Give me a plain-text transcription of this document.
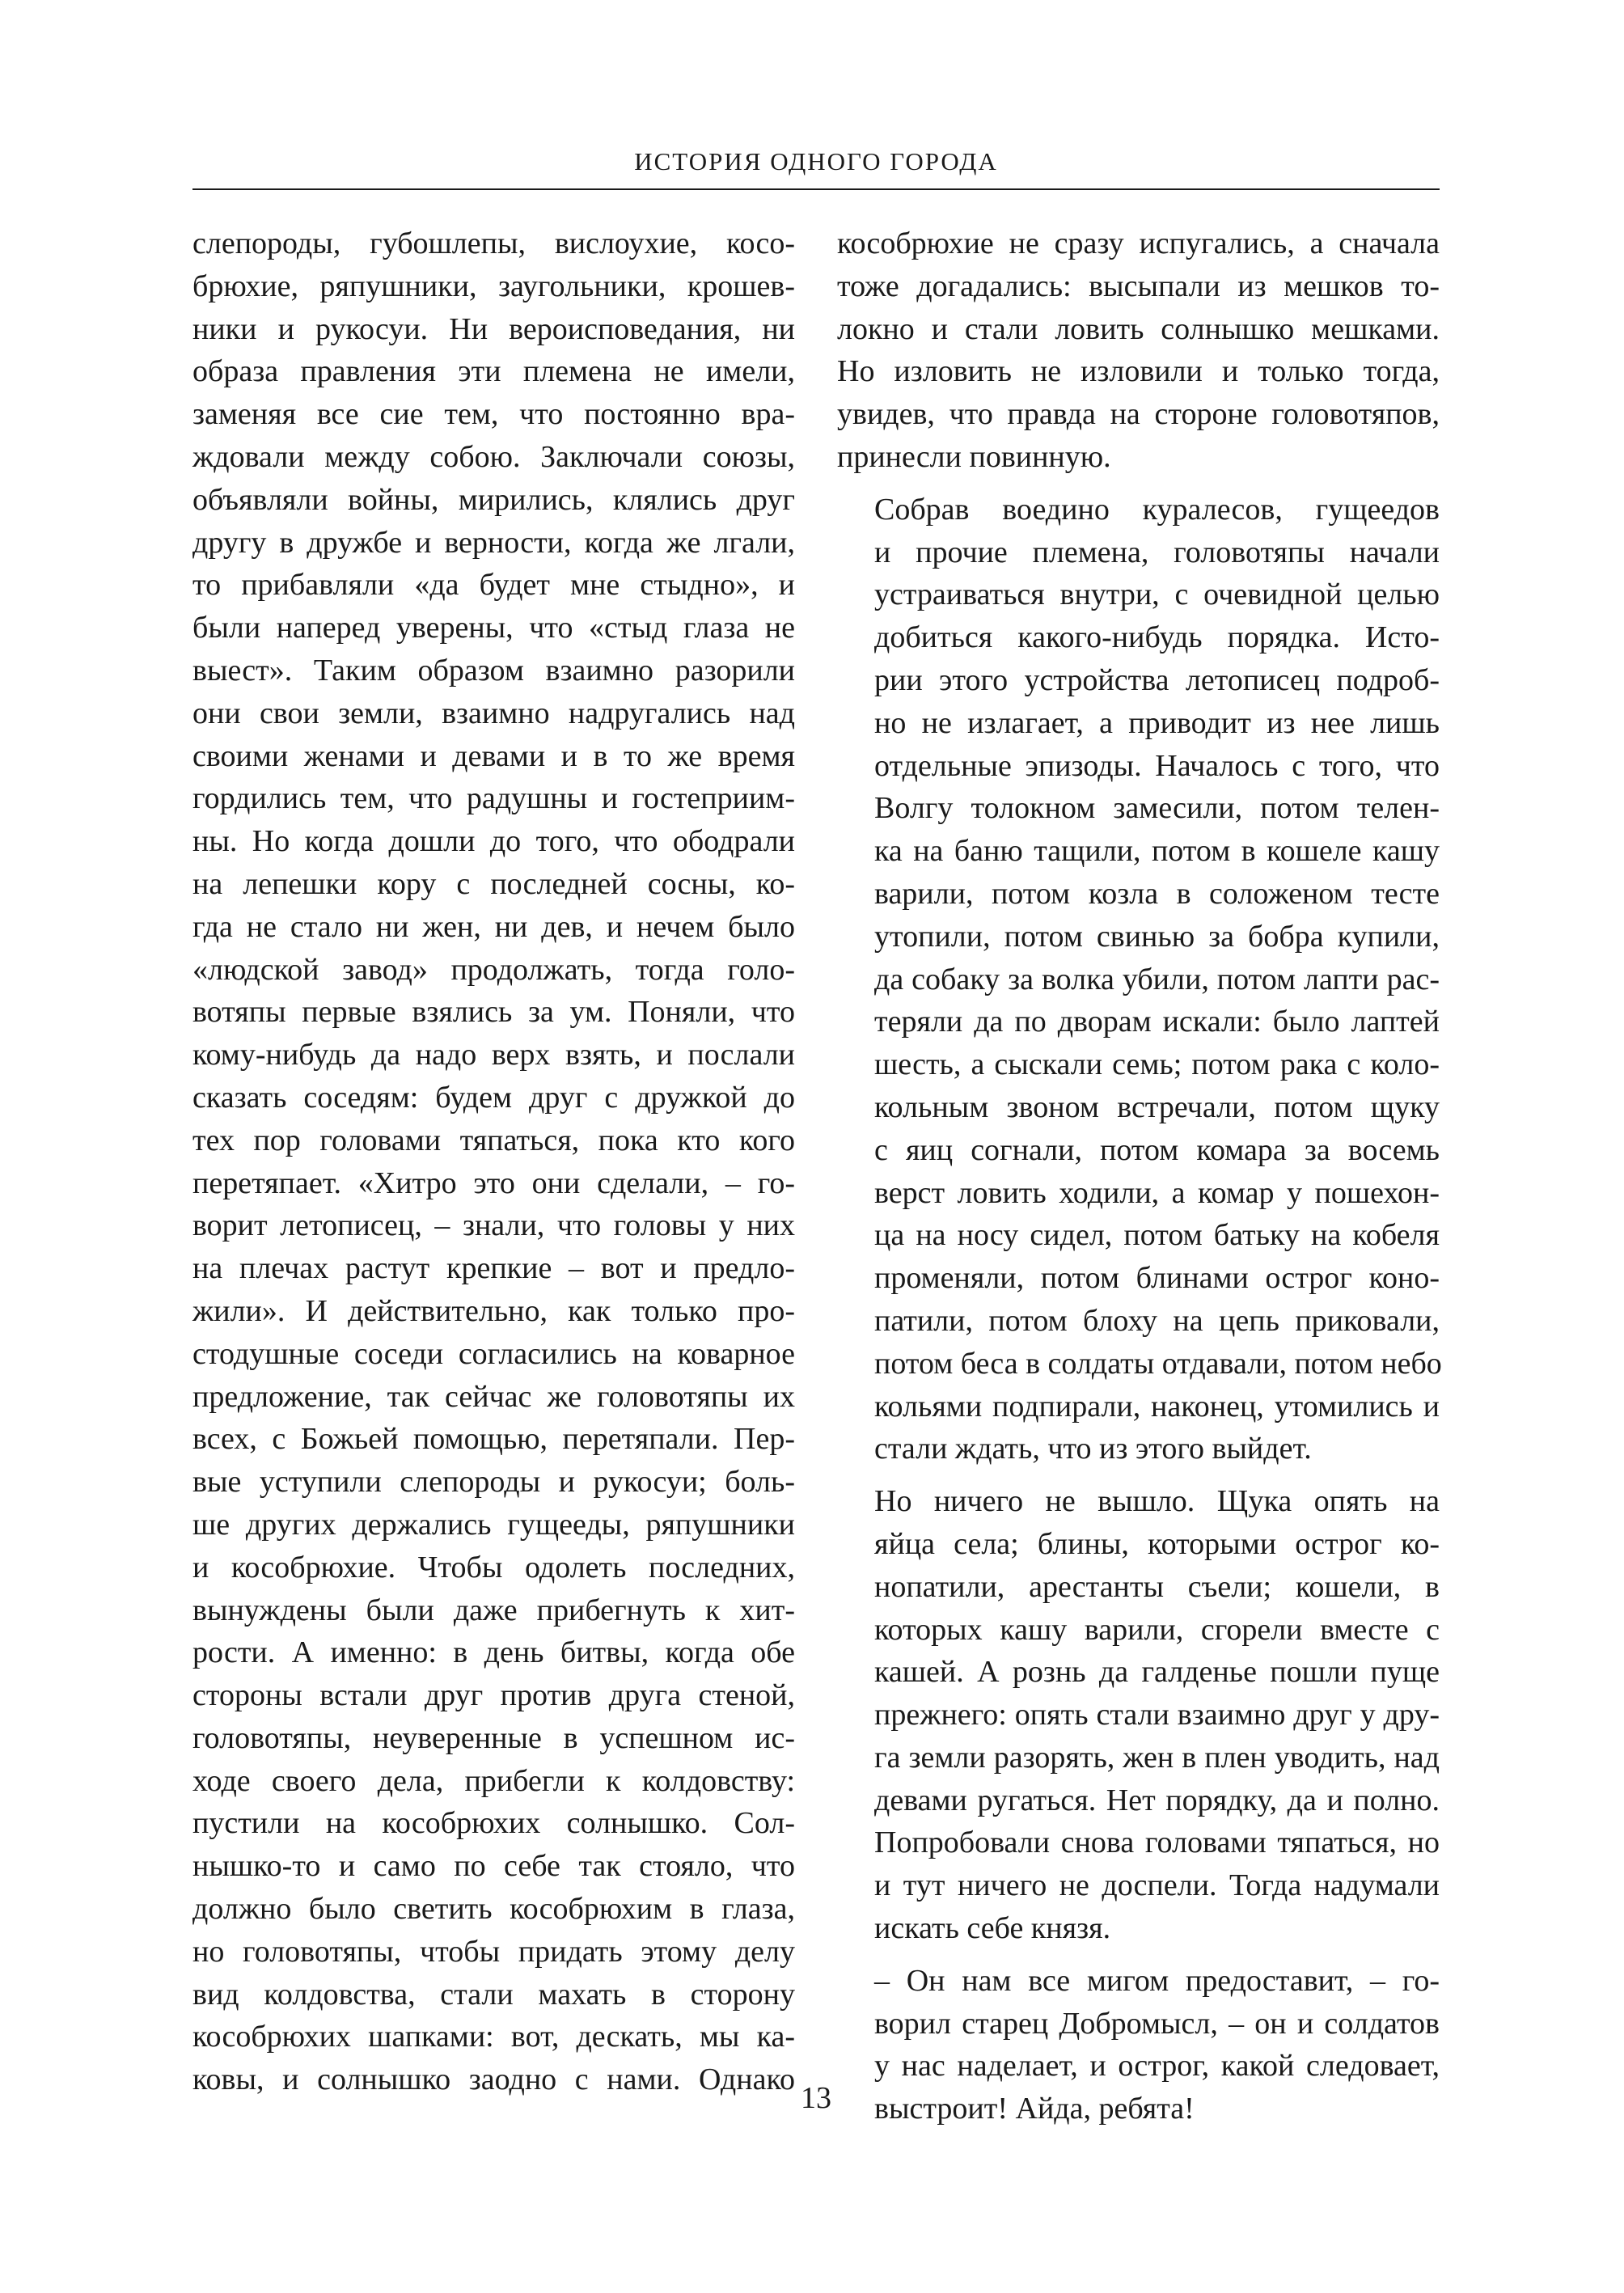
ИСТОРИЯ ОДНОГО ГОРОДА

слепороды, губошлепы, вислоухие, косо-
брюхие, ряпушники, заугольники, крошев-
ники и рукосуи. Ни вероисповедания, ни
образа правления эти племена не имели,
заменяя все сие тем, что постоянно вра-
ждовали между собою. Заключали союзы,
объявляли войны, мирились, клялись друг
другу в дружбе и верности, когда же лгали,
то прибавляли «да будет мне стыдно», и
были наперед уверены, что «стыд глаза не
выест». Таким образом взаимно разорили
они свои земли, взаимно надругались над
своими женами и девами и в то же время
гордились тем, что радушны и гостеприим-
ны. Но когда дошли до того, что ободрали
на лепешки кору с последней сосны, ко-
гда не стало ни жен, ни дев, и нечем было
«людской завод» продолжать, тогда голо-
вотяпы первые взялись за ум. Поняли, что
кому-нибудь да надо верх взять, и послали
сказать соседям: будем друг с дружкой до
тех пор головами тяпаться, пока кто кого
перетяпает. «Хитро это они сделали, – го-
ворит летописец, – знали, что головы у них
на плечах растут крепкие – вот и предло-
жили». И действительно, как только про-
стодушные соседи согласились на коварное
предложение, так сейчас же головотяпы их
всех, с Божьей помощью, перетяпали. Пер-
вые уступили слепороды и рукосуи; боль-
ше других держались гущееды, ряпушники
и кособрюхие. Чтобы одолеть последних,
вынуждены были даже прибегнуть к хит-
рости. А именно: в день битвы, когда обе
стороны встали друг против друга стеной,
головотяпы, неуверенные в успешном ис-
ходе своего дела, прибегли к колдовству:
пустили на кособрюхих солнышко. Сол-
нышко-то и само по себе так стояло, что
должно было светить кособрюхим в глаза,
но головотяпы, чтобы придать этому делу
вид колдовства, стали махать в сторону
кособрюхих шапками: вот, дескать, мы ка-
ковы, и солнышко заодно с нами. Однако

кособрюхие не сразу испугались, а сначала
тоже догадались: высыпали из мешков то-
локно и стали ловить солнышко мешками.
Но изловить не изловили и только тогда,
увидев, что правда на стороне головотяпов,
принесли повинную.

Собрав воедино куралесов, гущеедов
и прочие племена, головотяпы начали
устраиваться внутри, с очевидной целью
добиться какого-нибудь порядка. Исто-
рии этого устройства летописец подроб-
но не излагает, а приводит из нее лишь
отдельные эпизоды. Началось с того, что
Волгу толокном замесили, потом телен-
ка на баню тащили, потом в кошеле кашу
варили, потом козла в соложеном тесте
утопили, потом свинью за бобра купили,
да собаку за волка убили, потом лапти рас-
теряли да по дворам искали: было лаптей
шесть, а сыскали семь; потом рака с коло-
кольным звоном встречали, потом щуку
с яиц согнали, потом комара за восемь
верст ловить ходили, а комар у пошехон-
ца на носу сидел, потом батьку на кобеля
променяли, потом блинами острог коно-
патили, потом блоху на цепь приковали,
потом беса в солдаты отдавали, потом небо
кольями подпирали, наконец, утомились и
стали ждать, что из этого выйдет.

Но ничего не вышло. Щука опять на
яйца села; блины, которыми острог ко-
нопатили, арестанты съели; кошели, в
которых кашу варили, сгорели вместе с
кашей. А рознь да галденье пошли пуще
прежнего: опять стали взаимно друг у дру-
га земли разорять, жен в плен уводить, над
девами ругаться. Нет порядку, да и полно.
Попробовали снова головами тяпаться, но
и тут ничего не доспели. Тогда надумали
искать себе князя.

– Он нам все мигом предоставит, – го-
ворил старец Добромысл, – он и солдатов
у нас наделает, и острог, какой следовает,
выстроит! Айда, ребята!

13
